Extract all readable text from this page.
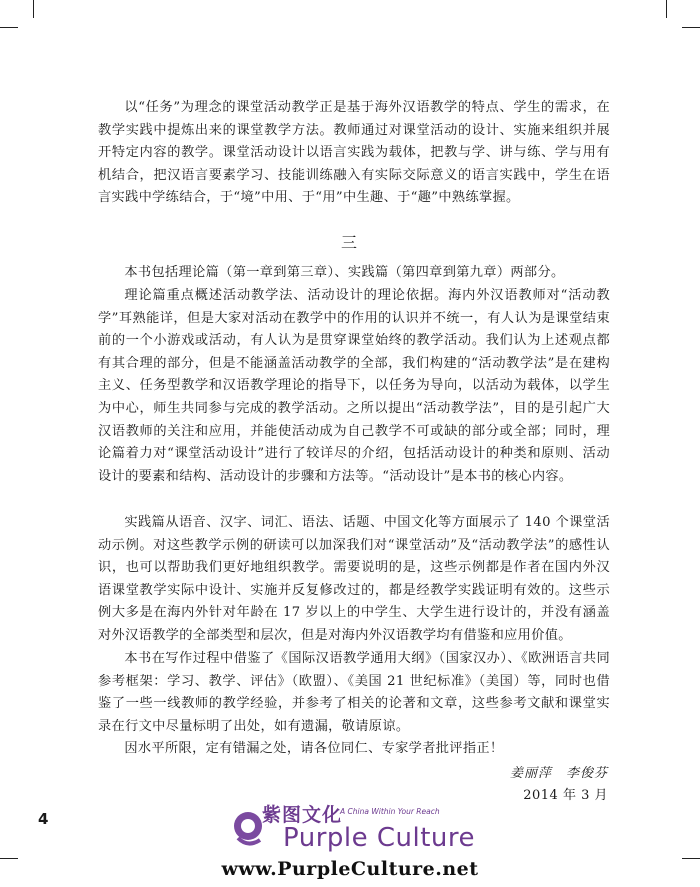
以“任务”为理念的课堂活动教学正是基于海外汉语教学的特点、学生的需求，在教学实践中提炼出来的课堂教学方法。教师通过对课堂活动的设计、实施来组织并展开特定内容的教学。课堂活动设计以语言实践为载体，把教与学、讲与练、学与用有机结合，把汉语言要素学习、技能训练融入有实际交际意义的语言实践中，学生在语言实践中学练结合，于“境”中用、于“用”中生趣、于“趣”中熟练掌握。

三

本书包括理论篇（第一章到第三章）、实践篇（第四章到第九章）两部分。

理论篇重点概述活动教学法、活动设计的理论依据。海内外汉语教师对“活动教学”耳熟能详，但是大家对活动在教学中的作用的认识并不统一，有人认为是课堂结束前的一个小游戏或活动，有人认为是贯穿课堂始终的教学活动。我们认为上述观点都有其合理的部分，但是不能涵盖活动教学的全部，我们构建的“活动教学法”是在建构主义、任务型教学和汉语教学理论的指导下，以任务为导向，以活动为载体，以学生为中心，师生共同参与完成的教学活动。之所以提出“活动教学法”，目的是引起广大汉语教师的关注和应用，并能使活动成为自己教学不可或缺的部分或全部；同时，理论篇着力对“课堂活动设计”进行了较详尽的介绍，包括活动设计的种类和原则、活动设计的要素和结构、活动设计的步骤和方法等。“活动设计”是本书的核心内容。

实践篇从语音、汉字、词汇、语法、话题、中国文化等方面展示了 140 个课堂活动示例。对这些教学示例的研读可以加深我们对“课堂活动”及“活动教学法”的感性认识，也可以帮助我们更好地组织教学。需要说明的是，这些示例都是作者在国内外汉语课堂教学实际中设计、实施并反复修改过的，都是经教学实践证明有效的。这些示例大多是在海内外针对年龄在 17 岁以上的中学生、大学生进行设计的，并没有涵盖对外汉语教学的全部类型和层次，但是对海内外汉语教学均有借鉴和应用价值。

本书在写作过程中借鉴了《国际汉语教学通用大纲》（国家汉办）、《欧洲语言共同参考框架：学习、教学、评估》（欧盟）、《美国 21 世纪标准》（美国）等，同时也借鉴了一些一线教师的教学经验，并参考了相关的论著和文章，这些参考文献和课堂实录在行文中尽量标明了出处，如有遗漏，敬请原谅。

因水平所限，定有错漏之处，请各位同仁、专家学者批评指正！

姜丽萍　李俊芬
2014 年 3 月
4	紫图文化
A China Within Your Reach
Purple Culture
www.PurpleCulture.net
